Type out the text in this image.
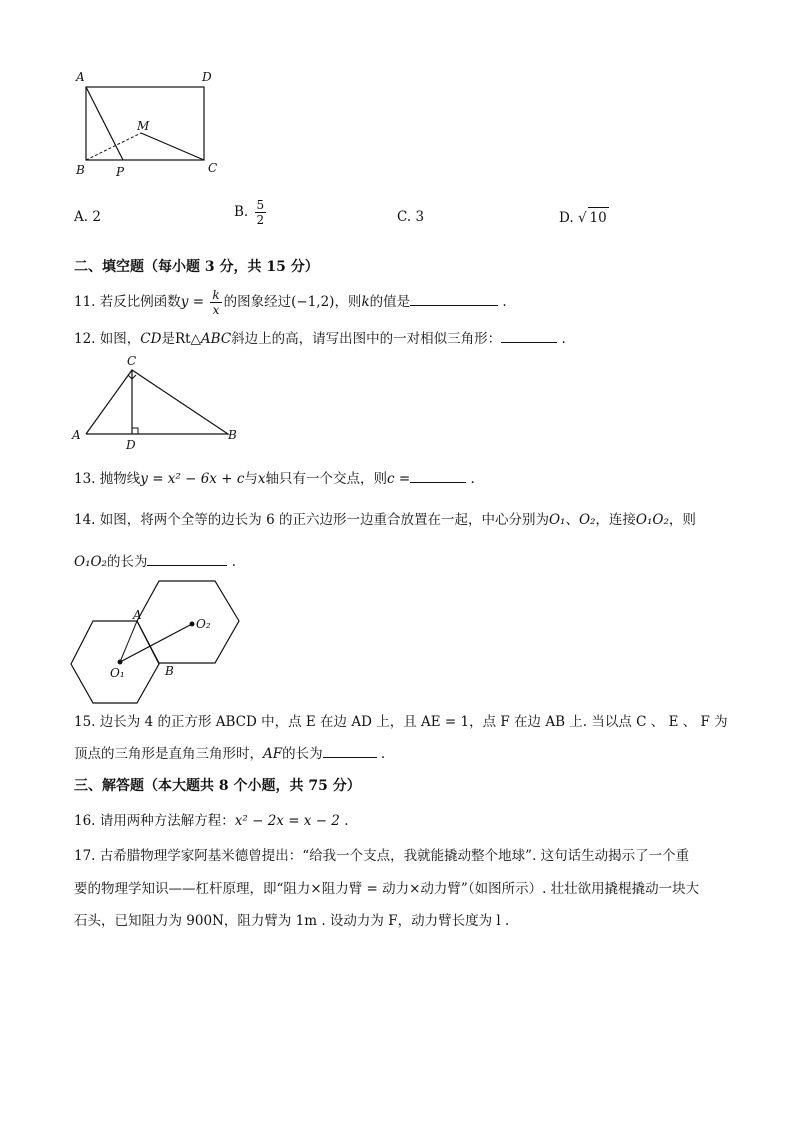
A	D
M
B	P	C
A. 2	B. $\frac{5}{2}$	C. 3	D. √ 10
二、填空题（每小题 3 分，共 15 分）
11. 若反比例函数$y = \frac{k}{x}$ 的图象经过(−1,2)，则k的值是	.
12. 如图，CD是Rt△ABC斜边上的高，请写出图中的一对相似三角形：	.
C
A
D
B
13. 抛物线y = x² − 6x + c与x轴只有一个交点，则c =	.
14. 如图，将两个全等的边长为 6 的正六边形一边重合放置在一起，中心分别为O₁、O₂，连接O₁O₂，则
O₁O₂的长为	.
A
O₂
O₁	B
15. 边长为 4 的正方形 ABCD 中，点 E 在边 AD 上，且 AE = 1，点 F 在边 AB 上. 当以点 C 、 E 、 F 为
顶点的三角形是直角三角形时，AF的长为	.
三、解答题（本大题共 8 个小题，共 75 分）
16. 请用两种方法解方程：x² − 2x = x − 2 .
17. 古希腊物理学家阿基米德曾提出：“给我一个支点，我就能撬动整个地球”. 这句话生动揭示了一个重
要的物理学知识——杠杆原理，即“阻力×阻力臂 = 动力×动力臂”（如图所示）. 壮壮欲用撬棍撬动一块大
石头，已知阻力为 900N，阻力臂为 1m . 设动力为 F，动力臂长度为 l .
